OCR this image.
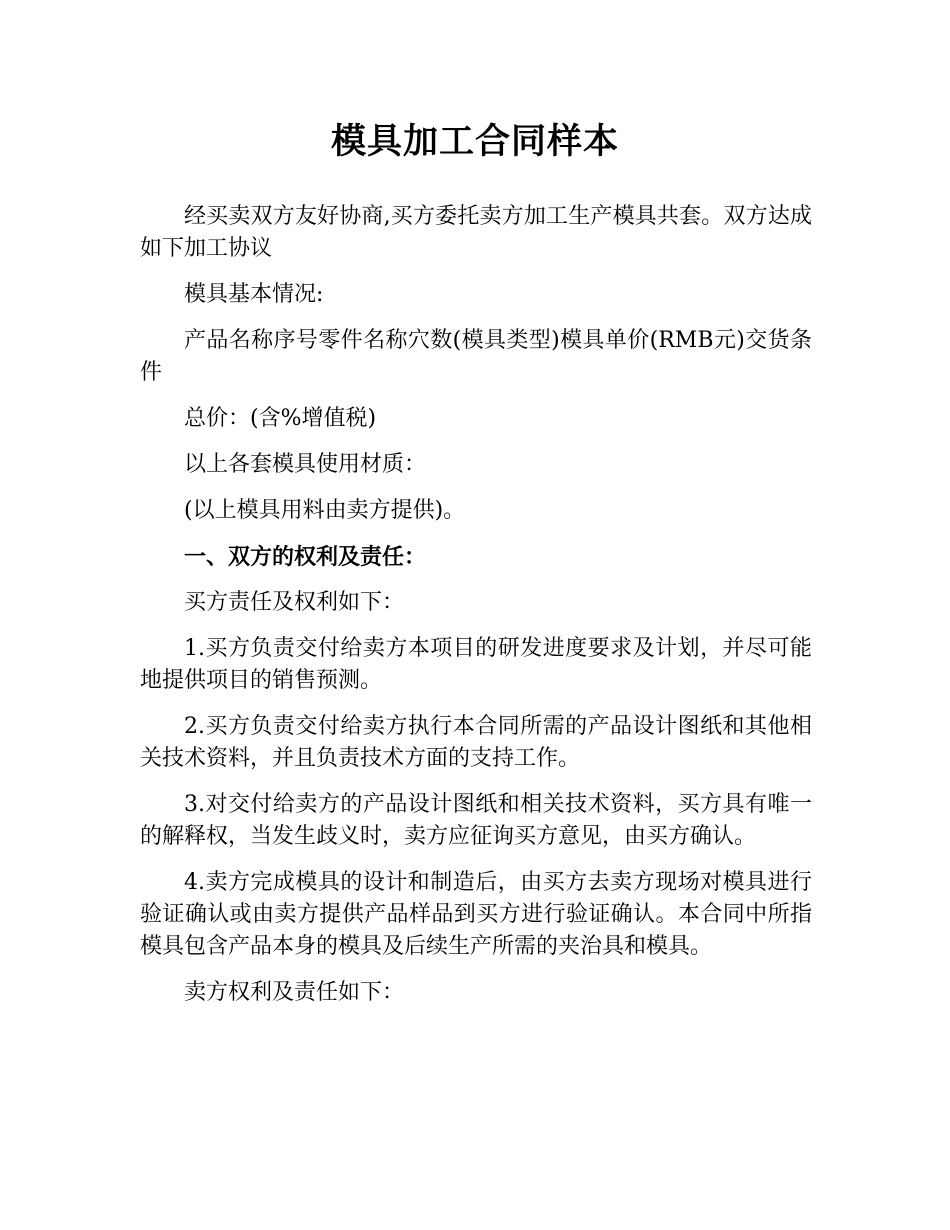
模具加工合同样本

经买卖双方友好协商,买方委托卖方加工生产模具共套。双方达成如下加工协议

模具基本情况:

产品名称序号零件名称穴数(模具类型)模具单价(RMB元)交货条件

总价：(含%增值税)

以上各套模具使用材质：

(以上模具用料由卖方提供)。

一、双方的权利及责任：

买方责任及权利如下：

1.买方负责交付给卖方本项目的研发进度要求及计划，并尽可能地提供项目的销售预测。

2.买方负责交付给卖方执行本合同所需的产品设计图纸和其他相关技术资料，并且负责技术方面的支持工作。

3.对交付给卖方的产品设计图纸和相关技术资料，买方具有唯一的解释权，当发生歧义时，卖方应征询买方意见，由买方确认。

4.卖方完成模具的设计和制造后，由买方去卖方现场对模具进行验证确认或由卖方提供产品样品到买方进行验证确认。本合同中所指模具包含产品本身的模具及后续生产所需的夹治具和模具。

卖方权利及责任如下：
